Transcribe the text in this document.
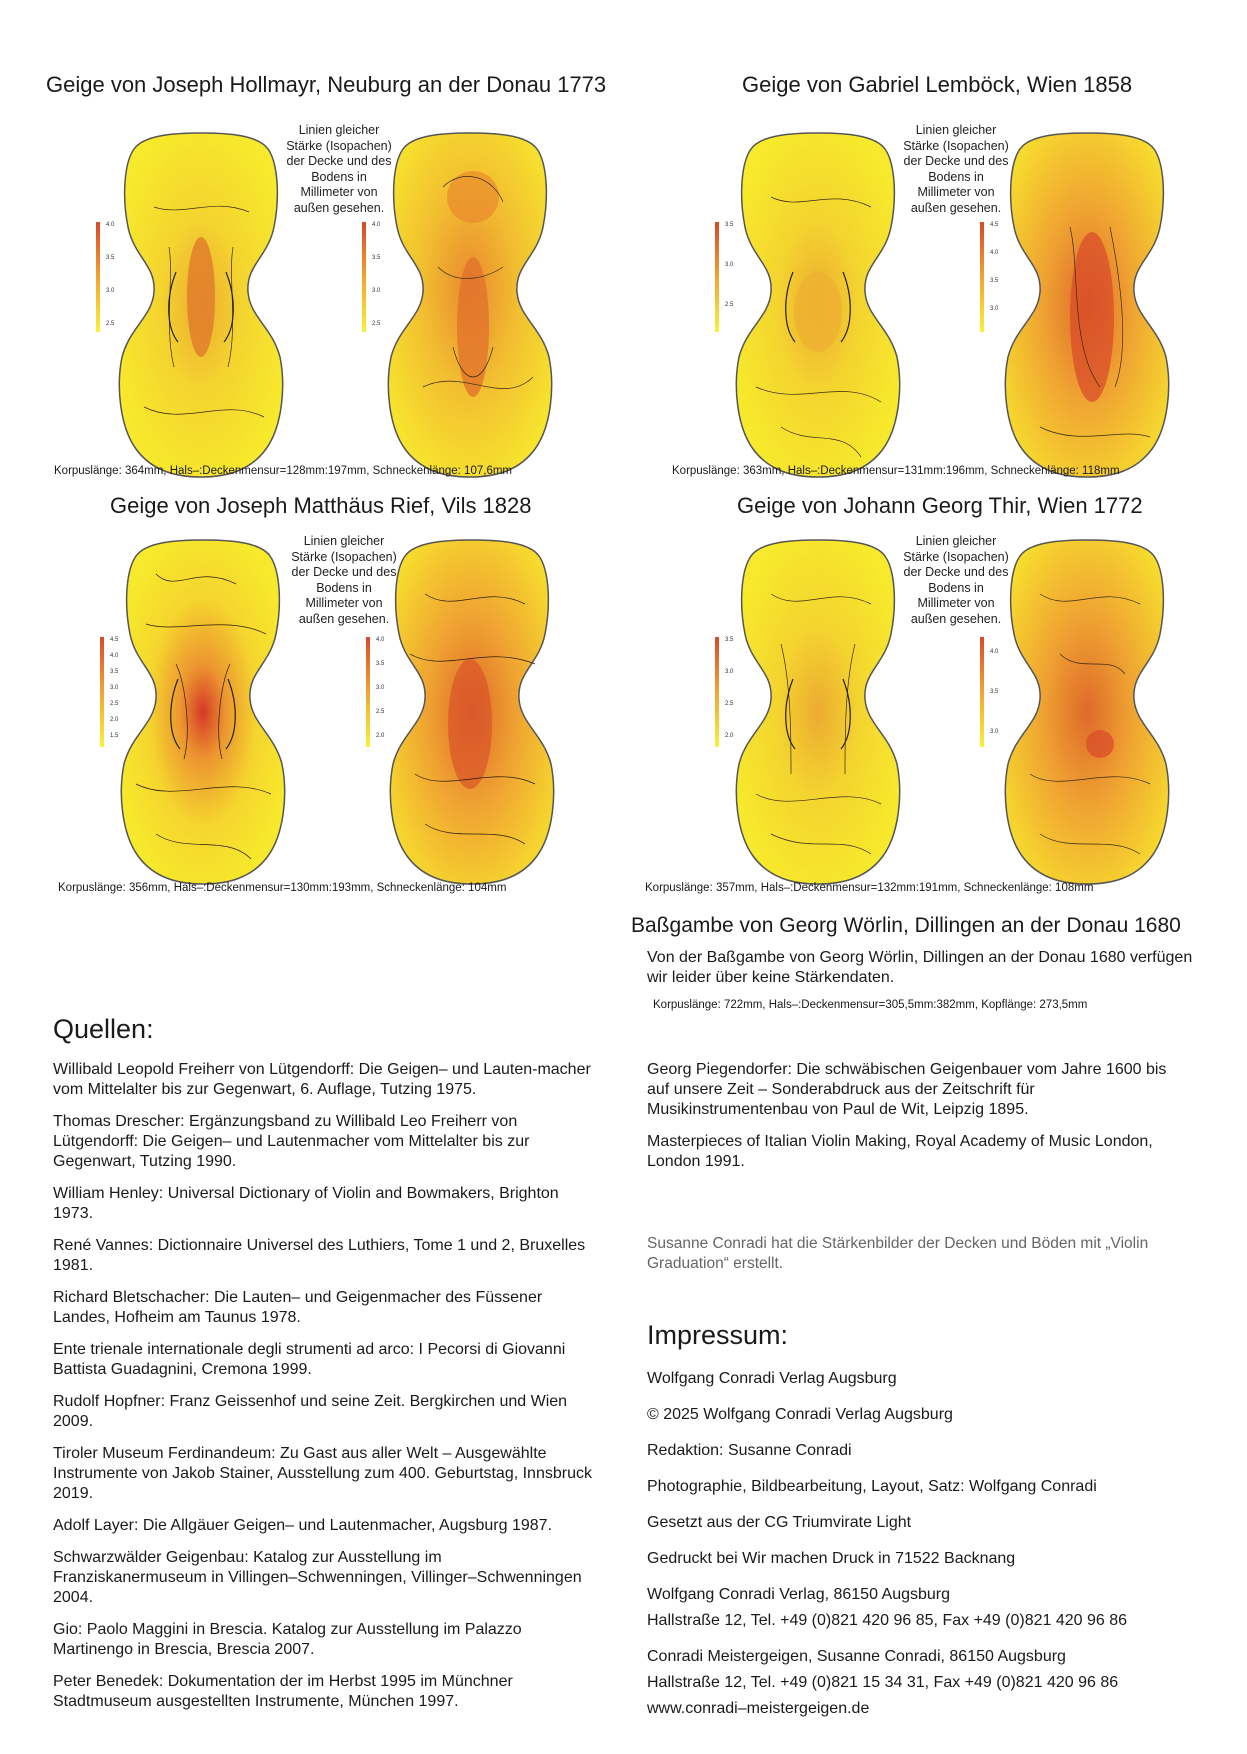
Geige von Joseph Hollmayr, Neuburg an der Donau 1773
4.0
3.5
3.0
2.5
Linien gleicher Stärke (Isopachen) der Decke und des Bodens in Millimeter von außen gesehen.
4.0
3.5
3.0
2.5
Korpuslänge: 364mm, Hals–:Deckenmensur=128mm:197mm, Schneckenlänge: 107,6mm
Geige von Gabriel Lemböck, Wien 1858
3.5
3.0
2.5
Linien gleicher Stärke (Isopachen) der Decke und des Bodens in Millimeter von außen gesehen.
4.5
4.0
3.5
3.0
Korpuslänge: 363mm, Hals–:Deckenmensur=131mm:196mm, Schneckenlänge: 118mm
Geige von Joseph Matthäus Rief, Vils 1828
4.5
4.0
3.5
3.0
2.5
2.0
1.5
Linien gleicher Stärke (Isopachen) der Decke und des Bodens in Millimeter von außen gesehen.
4.0
3.5
3.0
2.5
2.0
Korpuslänge: 356mm, Hals–:Deckenmensur=130mm:193mm, Schneckenlänge: 104mm
Geige von Johann Georg Thir, Wien 1772
3.5
3.0
2.5
2.0
Linien gleicher Stärke (Isopachen) der Decke und des Bodens in Millimeter von außen gesehen.
4.0
3.5
3.0
Korpuslänge: 357mm, Hals–:Deckenmensur=132mm:191mm, Schneckenlänge: 108mm
Baßgambe von Georg Wörlin, Dillingen an der Donau 1680
Von der Baßgambe von Georg Wörlin, Dillingen an der Donau 1680 verfügen wir leider über keine Stärkendaten.
Korpuslänge: 722mm, Hals–:Deckenmensur=305,5mm:382mm, Kopflänge: 273,5mm
Quellen:

Willibald Leopold Freiherr von Lütgendorff: Die Geigen– und Lauten-macher vom Mittelalter bis zur Gegenwart, 6. Auflage, Tutzing 1975.

Thomas Drescher: Ergänzungsband zu Willibald Leo Freiherr von Lütgendorff: Die Geigen– und Lautenmacher vom Mittelalter bis zur Gegenwart, Tutzing 1990.

William Henley: Universal Dictionary of Violin and Bowmakers, Brighton 1973.

René Vannes: Dictionnaire Universel des Luthiers, Tome 1 und 2, Bruxelles 1981.

Richard Bletschacher: Die Lauten– und Geigenmacher des Füssener Landes, Hofheim am Taunus 1978.

Ente trienale internationale degli strumenti ad arco: I Pecorsi di Giovanni Battista Guadagnini, Cremona 1999.

Rudolf Hopfner: Franz Geissenhof und seine Zeit. Bergkirchen und Wien 2009.

Tiroler Museum Ferdinandeum: Zu Gast aus aller Welt – Ausgewählte Instrumente von Jakob Stainer, Ausstellung zum 400. Geburtstag, Innsbruck 2019.

Adolf Layer: Die Allgäuer Geigen– und Lautenmacher, Augsburg 1987.

Schwarzwälder Geigenbau: Katalog zur Ausstellung im Franziskanermuseum in Villingen–Schwenningen, Villinger–Schwenningen 2004.

Gio: Paolo Maggini in Brescia. Katalog zur Ausstellung im Palazzo Martinengo in Brescia, Brescia 2007.

Peter Benedek: Dokumentation der im Herbst 1995 im Münchner Stadtmuseum ausgestellten Instrumente, München 1997.

Georg Piegendorfer: Die schwäbischen Geigenbauer vom Jahre 1600 bis auf unsere Zeit – Sonderabdruck aus der Zeitschrift für Musikinstrumentenbau von Paul de Wit, Leipzig 1895.

Masterpieces of Italian Violin Making, Royal Academy of Music London, London 1991.

Susanne Conradi hat die Stärkenbilder der Decken und Böden mit „Violin Graduation“ erstellt.
Impressum:

Wolfgang Conradi Verlag Augsburg

© 2025 Wolfgang Conradi Verlag Augsburg

Redaktion: Susanne Conradi

Photographie, Bildbearbeitung, Layout, Satz: Wolfgang Conradi

Gesetzt aus der CG Triumvirate Light

Gedruckt bei Wir machen Druck in 71522 Backnang

Wolfgang Conradi Verlag, 86150 Augsburg

Hallstraße 12, Tel. +49 (0)821 420 96 85, Fax +49 (0)821 420 96 86

Conradi Meistergeigen, Susanne Conradi, 86150 Augsburg

Hallstraße 12, Tel. +49 (0)821 15 34 31, Fax +49 (0)821 420 96 86

www.conradi–meistergeigen.de
